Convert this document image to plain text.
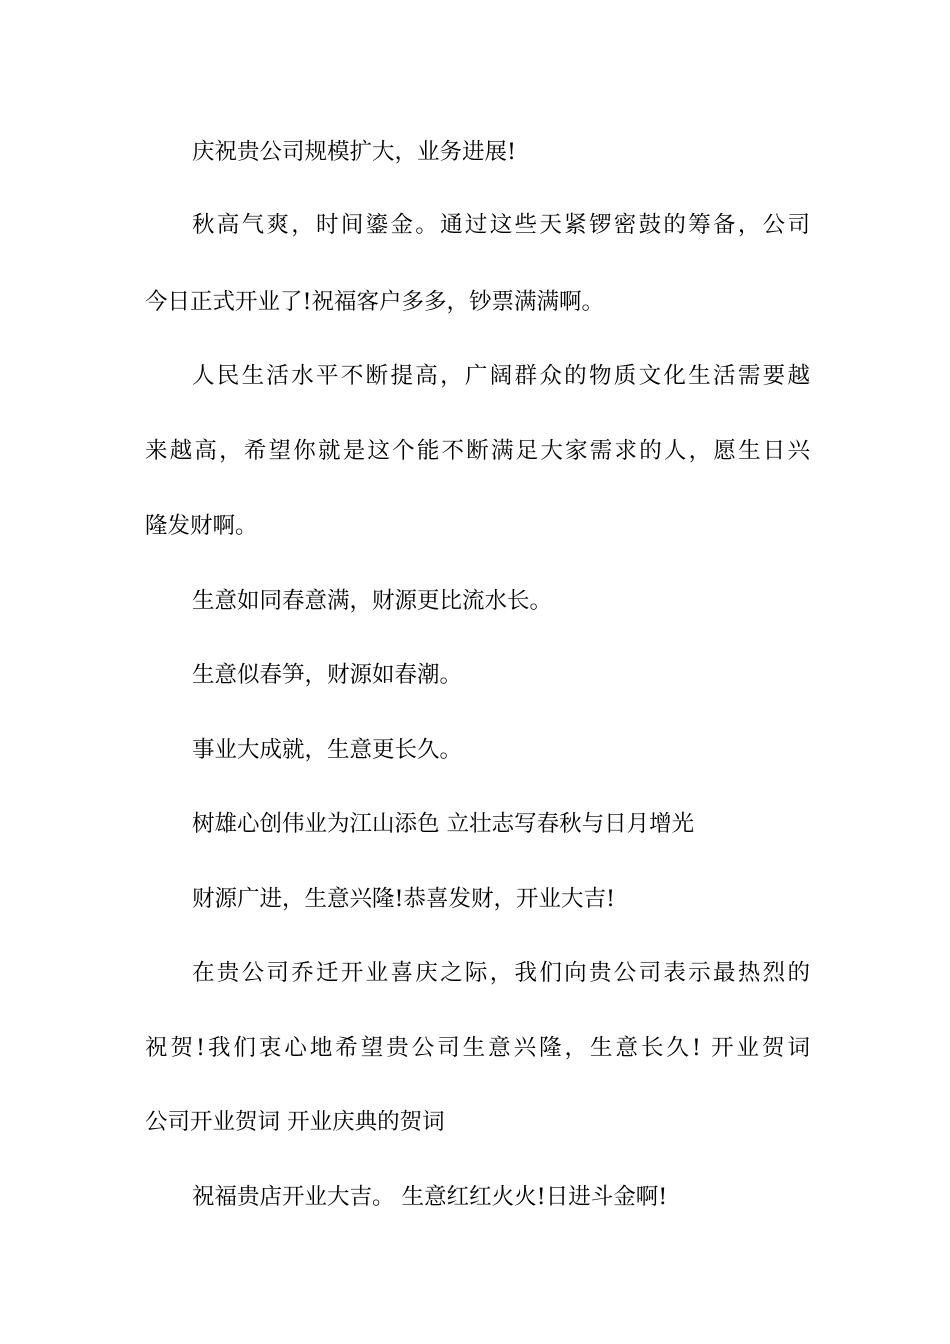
庆祝贵公司规模扩大，业务进展!
秋高气爽，时间鎏金。通过这些天紧锣密鼓的筹备，公司
今日正式开业了!祝福客户多多，钞票满满啊。
人民生活水平不断提高，广阔群众的物质文化生活需要越
来越高，希望你就是这个能不断满足大家需求的人，愿生日兴
隆发财啊。
生意如同春意满，财源更比流水长。
生意似春笋，财源如春潮。
事业大成就，生意更长久。
树雄心创伟业为江山添色 立壮志写春秋与日月增光
财源广进，生意兴隆!恭喜发财，开业大吉!
在贵公司乔迁开业喜庆之际，我们向贵公司表示最热烈的
祝贺!我们衷心地希望贵公司生意兴隆，生意长久! 开业贺词
公司开业贺词 开业庆典的贺词
祝福贵店开业大吉。 生意红红火火!日进斗金啊!
